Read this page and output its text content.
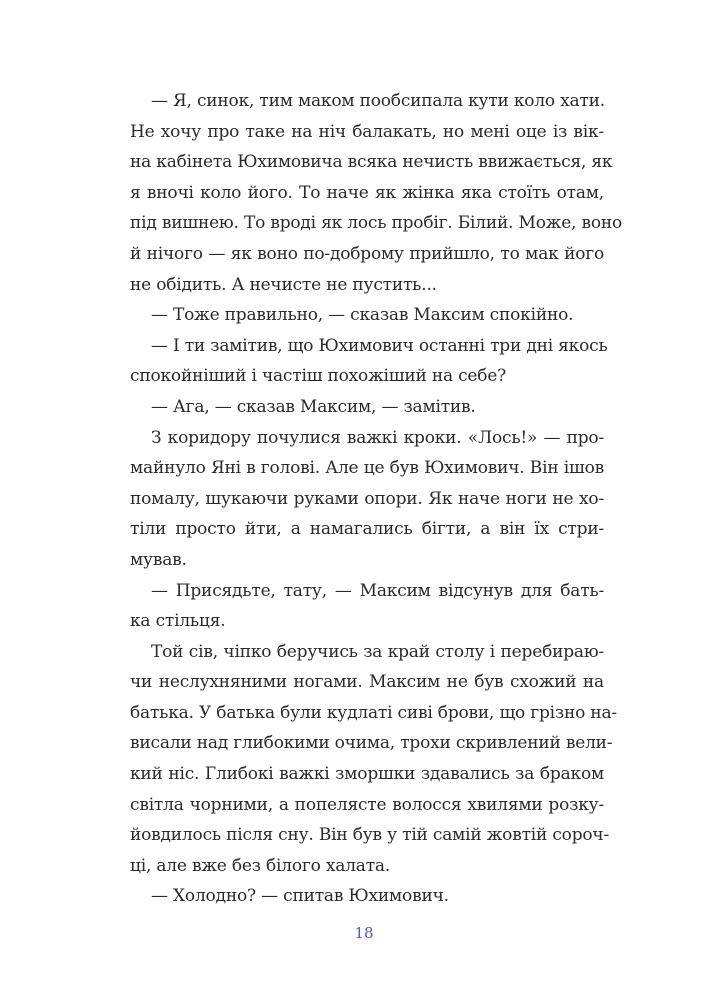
— Я, синок, тим маком пообсипала кути коло хати.
Не хочу про таке на ніч балакать, но мені оце із вік-
на кабінета Юхимовича всяка нечисть ввижається, як
я вночі коло його. То наче як жінка яка стоїть отам,
під вишнею. То вроді як лось пробіг. Білий. Може, воно
й нічого — як воно по-доброму прийшло, то мак його
не обідить. А нечисте не пустить...
— Тоже правильно, — сказав Максим спокійно.
— І ти замітив, що Юхимович останні три дні якось
спокойніший і частіш похожіший на себе?
— Ага, — сказав Максим, — замітив.
З коридору почулися важкі кроки. «Лось!» — про-
майнуло Яні в голові. Але це був Юхимович. Він ішов
помалу, шукаючи руками опори. Як наче ноги не хо-
тіли просто йти, а намагались бігти, а він їх стри-
мував.
— Присядьте, тату, — Максим відсунув для бать-
ка стільця.
Той сів, чіпко беручись за край столу і перебираю-
чи неслухняними ногами. Максим не був схожий на
батька. У батька були кудлаті сиві брови, що грізно на-
висали над глибокими очима, трохи скривлений вели-
кий ніс. Глибокі важкі зморшки здавались за браком
світла чорними, а попелясте волосся хвилями розку-
йовдилось після сну. Він був у тій самій жовтій сороч-
ці, але вже без білого халата.
— Холодно? — спитав Юхимович.
18
